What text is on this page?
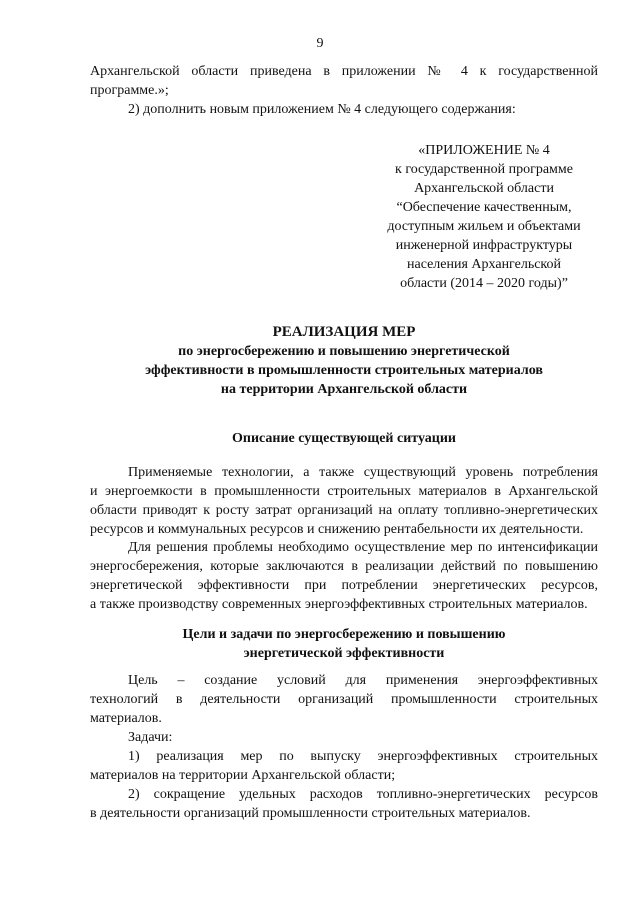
9
Архангельской области приведена в приложении № 4 к государственной
программе.»;
2) дополнить новым приложением № 4 следующего содержания:
«ПРИЛОЖЕНИЕ № 4
к государственной программе
Архангельской области
“Обеспечение качественным,
доступным жильем и объектами
инженерной инфраструктуры
населения Архангельской
области (2014 – 2020 годы)”
РЕАЛИЗАЦИЯ МЕР
по энергосбережению и повышению энергетической
эффективности в промышленности строительных материалов
на территории Архангельской области
Описание существующей ситуации
Применяемые технологии, а также существующий уровень потребления
и энергоемкости в промышленности строительных материалов в Архангельской
области приводят к росту затрат организаций на оплату топливно-энергетических
ресурсов и коммунальных ресурсов и снижению рентабельности их деятельности.
Для решения проблемы необходимо осуществление мер по интенсификации
энергосбережения, которые заключаются в реализации действий по повышению
энергетической эффективности при потреблении энергетических ресурсов,
а также производству современных энергоэффективных строительных материалов.
Цели и задачи по энергосбережению и повышению
энергетической эффективности
Цель – создание условий для применения энергоэффективных
технологий в деятельности организаций промышленности строительных
материалов.
Задачи:
1) реализация мер по выпуску энергоэффективных строительных
материалов на территории Архангельской области;
2) сокращение удельных расходов топливно-энергетических ресурсов
в деятельности организаций промышленности строительных материалов.
